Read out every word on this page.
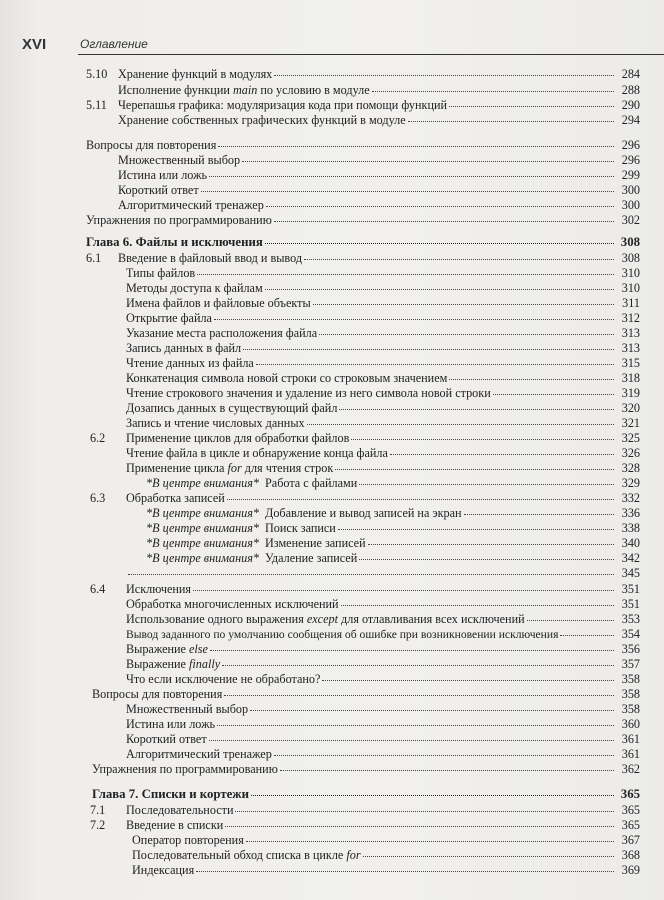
XVI	Оглавление
5.10 Хранение функций в модулях	284
Исполнение функции main по условию в модуле	288
5.11 Черепашья графика: модуляризация кода при помощи функций	290
Хранение собственных графических функций в модуле	294
Вопросы для повторения	296
Множественный выбор	296
Истина или ложь	299
Короткий ответ	300
Алгоритмический тренажер	300
Упражнения по программированию	302
Глава 6. Файлы и исключения	308
6.1	Введение в файловый ввод и вывод	308
Типы файлов	310
Методы доступа к файлам	310
Имена файлов и файловые объекты	311
Открытие файла	312
Указание места расположения файла	313
Запись данных в файл	313
Чтение данных из файла	315
Конкатенация символа новой строки со строковым значением	318
Чтение строкового значения и удаление из него символа новой строки	319
Дозапись данных в существующий файл	320
Запись и чтение числовых данных	321
6.2	Применение циклов для обработки файлов	325
Чтение файла в цикле и обнаружение конца файла	326
Применение цикла for для чтения строк	328
*В центре внимания* Работа с файлами	329
6.3	Обработка записей	332
*В центре внимания* Добавление и вывод записей на экран	336
*В центре внимания* Поиск записи	338
*В центре внимания* Изменение записей	340
*В центре внимания* Удаление записей	342
345
6.4	Исключения	351
Обработка многочисленных исключений	351
Использование одного выражения except для отлавливания всех исключений	353
Вывод заданного по умолчанию сообщения об ошибке при возникновении исключения	354
Выражение else	356
Выражение finally	357
Что если исключение не обработано?	358
Вопросы для повторения	358
Множественный выбор	358
Истина или ложь	360
Короткий ответ	361
Алгоритмический тренажер	361
Упражнения по программированию	362
Глава 7. Списки и кортежи	365
7.1	Последовательности	365
7.2	Введение в списки	365
Оператор повторения	367
Последовательный обход списка в цикле for	368
Индексация	369
